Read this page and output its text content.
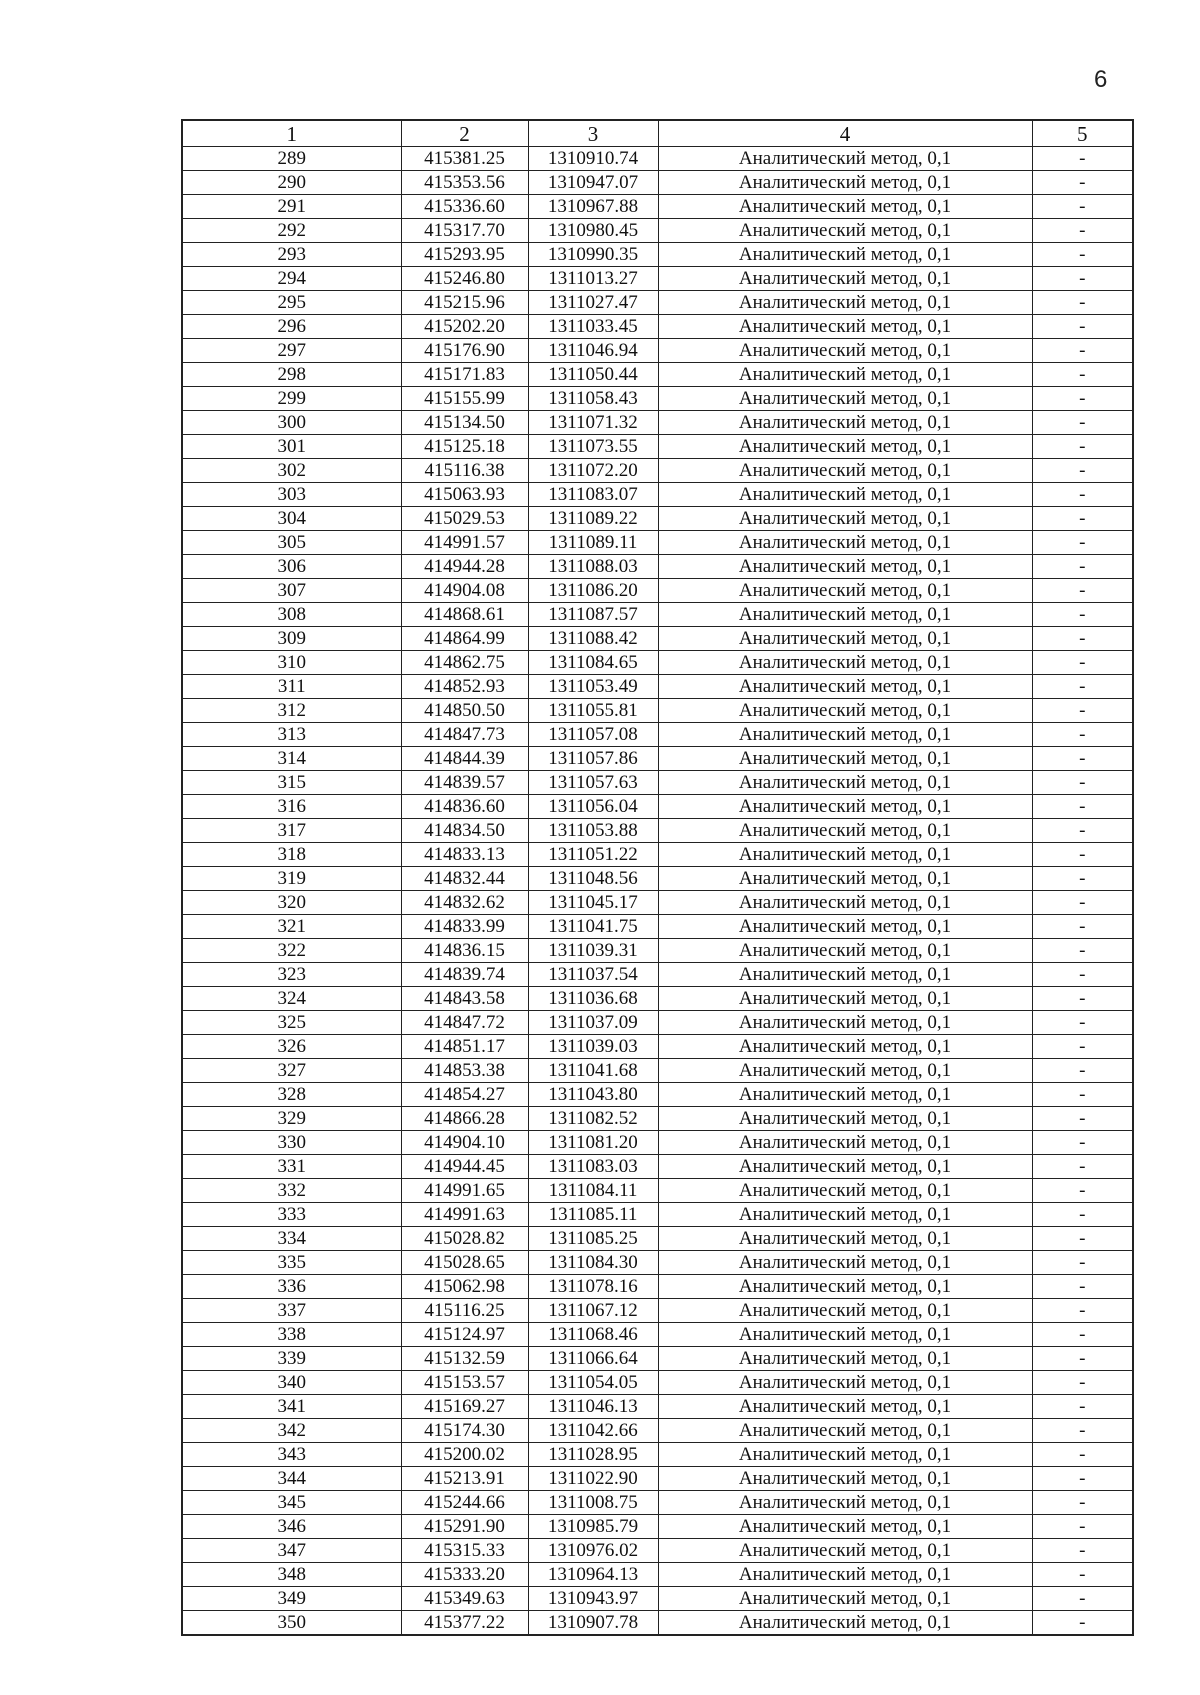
6
1	2	3	4	5
289	415381.25	1310910.74	Аналитический метод, 0,1	-
290	415353.56	1310947.07	Аналитический метод, 0,1	-
291	415336.60	1310967.88	Аналитический метод, 0,1	-
292	415317.70	1310980.45	Аналитический метод, 0,1	-
293	415293.95	1310990.35	Аналитический метод, 0,1	-
294	415246.80	1311013.27	Аналитический метод, 0,1	-
295	415215.96	1311027.47	Аналитический метод, 0,1	-
296	415202.20	1311033.45	Аналитический метод, 0,1	-
297	415176.90	1311046.94	Аналитический метод, 0,1	-
298	415171.83	1311050.44	Аналитический метод, 0,1	-
299	415155.99	1311058.43	Аналитический метод, 0,1	-
300	415134.50	1311071.32	Аналитический метод, 0,1	-
301	415125.18	1311073.55	Аналитический метод, 0,1	-
302	415116.38	1311072.20	Аналитический метод, 0,1	-
303	415063.93	1311083.07	Аналитический метод, 0,1	-
304	415029.53	1311089.22	Аналитический метод, 0,1	-
305	414991.57	1311089.11	Аналитический метод, 0,1	-
306	414944.28	1311088.03	Аналитический метод, 0,1	-
307	414904.08	1311086.20	Аналитический метод, 0,1	-
308	414868.61	1311087.57	Аналитический метод, 0,1	-
309	414864.99	1311088.42	Аналитический метод, 0,1	-
310	414862.75	1311084.65	Аналитический метод, 0,1	-
311	414852.93	1311053.49	Аналитический метод, 0,1	-
312	414850.50	1311055.81	Аналитический метод, 0,1	-
313	414847.73	1311057.08	Аналитический метод, 0,1	-
314	414844.39	1311057.86	Аналитический метод, 0,1	-
315	414839.57	1311057.63	Аналитический метод, 0,1	-
316	414836.60	1311056.04	Аналитический метод, 0,1	-
317	414834.50	1311053.88	Аналитический метод, 0,1	-
318	414833.13	1311051.22	Аналитический метод, 0,1	-
319	414832.44	1311048.56	Аналитический метод, 0,1	-
320	414832.62	1311045.17	Аналитический метод, 0,1	-
321	414833.99	1311041.75	Аналитический метод, 0,1	-
322	414836.15	1311039.31	Аналитический метод, 0,1	-
323	414839.74	1311037.54	Аналитический метод, 0,1	-
324	414843.58	1311036.68	Аналитический метод, 0,1	-
325	414847.72	1311037.09	Аналитический метод, 0,1	-
326	414851.17	1311039.03	Аналитический метод, 0,1	-
327	414853.38	1311041.68	Аналитический метод, 0,1	-
328	414854.27	1311043.80	Аналитический метод, 0,1	-
329	414866.28	1311082.52	Аналитический метод, 0,1	-
330	414904.10	1311081.20	Аналитический метод, 0,1	-
331	414944.45	1311083.03	Аналитический метод, 0,1	-
332	414991.65	1311084.11	Аналитический метод, 0,1	-
333	414991.63	1311085.11	Аналитический метод, 0,1	-
334	415028.82	1311085.25	Аналитический метод, 0,1	-
335	415028.65	1311084.30	Аналитический метод, 0,1	-
336	415062.98	1311078.16	Аналитический метод, 0,1	-
337	415116.25	1311067.12	Аналитический метод, 0,1	-
338	415124.97	1311068.46	Аналитический метод, 0,1	-
339	415132.59	1311066.64	Аналитический метод, 0,1	-
340	415153.57	1311054.05	Аналитический метод, 0,1	-
341	415169.27	1311046.13	Аналитический метод, 0,1	-
342	415174.30	1311042.66	Аналитический метод, 0,1	-
343	415200.02	1311028.95	Аналитический метод, 0,1	-
344	415213.91	1311022.90	Аналитический метод, 0,1	-
345	415244.66	1311008.75	Аналитический метод, 0,1	-
346	415291.90	1310985.79	Аналитический метод, 0,1	-
347	415315.33	1310976.02	Аналитический метод, 0,1	-
348	415333.20	1310964.13	Аналитический метод, 0,1	-
349	415349.63	1310943.97	Аналитический метод, 0,1	-
350	415377.22	1310907.78	Аналитический метод, 0,1	-
